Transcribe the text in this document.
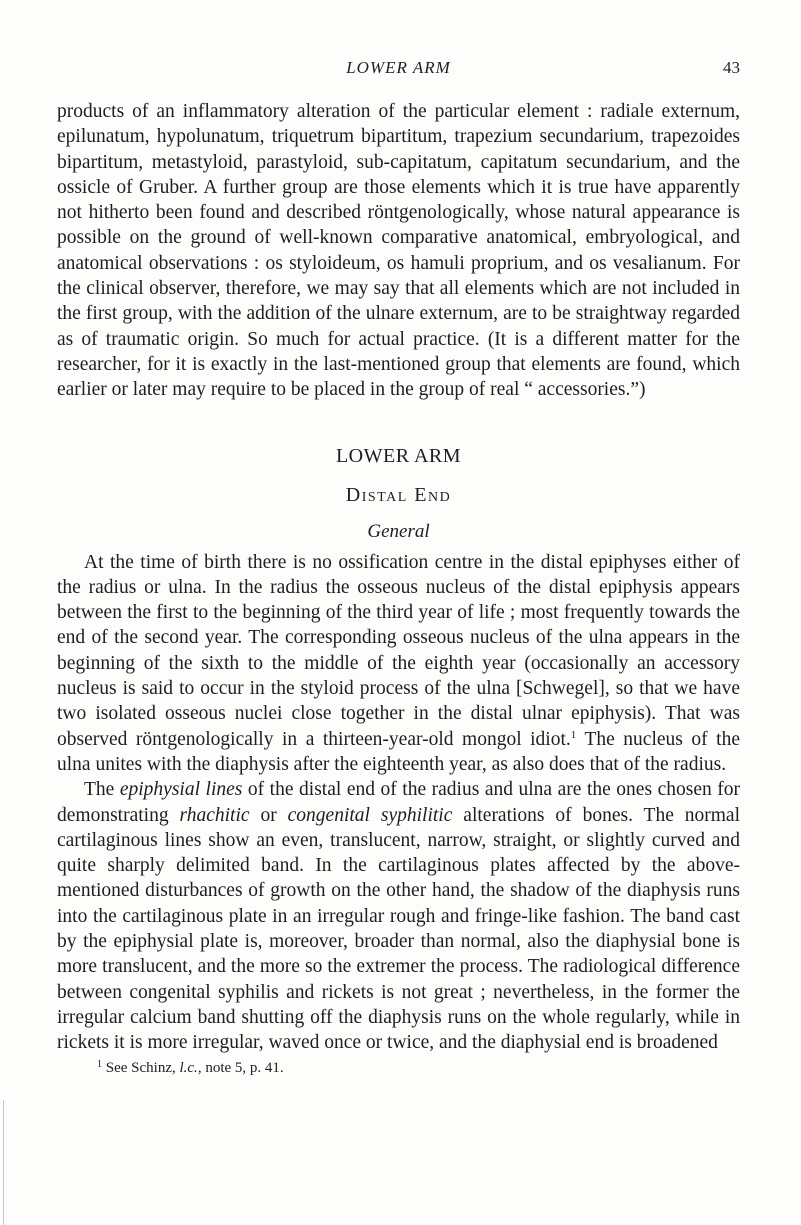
LOWER ARM	43

products of an inflammatory alteration of the particular element : radiale externum, epilunatum, hypolunatum, triquetrum bipartitum, trapezium secundarium, trapezoides bipartitum, metastyloid, parastyloid, sub-capitatum, capitatum secundarium, and the ossicle of Gruber. A further group are those elements which it is true have apparently not hitherto been found and described röntgenologically, whose natural appearance is possible on the ground of well-known comparative anatomical, embryological, and anatomical observations : os styloideum, os hamuli proprium, and os vesalianum. For the clinical observer, therefore, we may say that all elements which are not included in the first group, with the addition of the ulnare externum, are to be straightway regarded as of traumatic origin. So much for actual practice. (It is a different matter for the researcher, for it is exactly in the last-mentioned group that elements are found, which earlier or later may require to be placed in the group of real “ accessories.”)

LOWER ARM
Distal End
General

At the time of birth there is no ossification centre in the distal epiphyses either of the radius or ulna. In the radius the osseous nucleus of the distal epiphysis appears between the first to the beginning of the third year of life ; most frequently towards the end of the second year. The corresponding osseous nucleus of the ulna appears in the beginning of the sixth to the middle of the eighth year (occasionally an accessory nucleus is said to occur in the styloid process of the ulna [Schwegel], so that we have two isolated osseous nuclei close together in the distal ulnar epiphysis). That was observed röntgenologically in a thirteen-year-old mongol idiot.$^1$ The nucleus of the ulna unites with the diaphysis after the eighteenth year, as also does that of the radius.

The epiphysial lines of the distal end of the radius and ulna are the ones chosen for demonstrating rhachitic or congenital syphilitic alterations of bones. The normal cartilaginous lines show an even, translucent, narrow, straight, or slightly curved and quite sharply delimited band. In the cartilaginous plates affected by the above-mentioned disturbances of growth on the other hand, the shadow of the diaphysis runs into the cartilaginous plate in an irregular rough and fringe-like fashion. The band cast by the epiphysial plate is, moreover, broader than normal, also the diaphysial bone is more translucent, and the more so the extremer the process. The radiological difference between congenital syphilis and rickets is not great ; nevertheless, in the former the irregular calcium band shutting off the diaphysis runs on the whole regularly, while in rickets it is more irregular, waved once or twice, and the diaphysial end is broadened

$^1$ See Schinz, l.c., note 5, p. 41.
